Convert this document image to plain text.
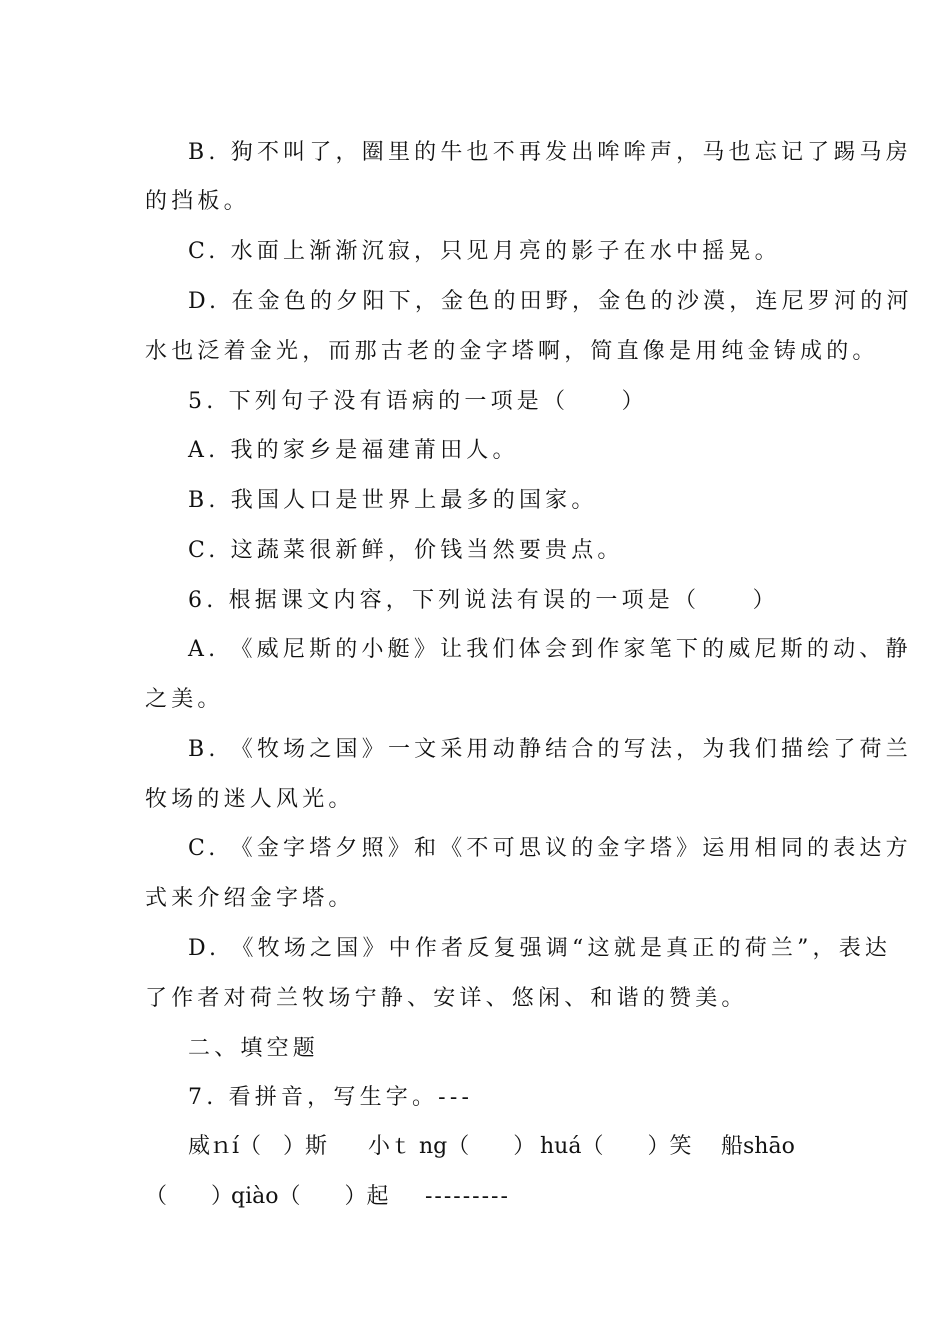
B. 狗不叫了，圈里的牛也不再发出哞哞声，马也忘记了踢马房
的挡板。
C. 水面上渐渐沉寂，只见月亮的影子在水中摇晃。
D. 在金色的夕阳下，金色的田野，金色的沙漠，连尼罗河的河
水也泛着金光，而那古老的金字塔啊，简直像是用纯金铸成的。
5. 下列句子没有语病的一项是（　　）
A. 我的家乡是福建莆田人。
B. 我国人口是世界上最多的国家。
C. 这蔬菜很新鲜，价钱当然要贵点。
6. 根据课文内容，下列说法有误的一项是（　　）
A. 《威尼斯的小艇》让我们体会到作家笔下的威尼斯的动、静
之美。
B. 《牧场之国》一文采用动静结合的写法，为我们描绘了荷兰
牧场的迷人风光。
C. 《金字塔夕照》和《不可思议的金字塔》运用相同的表达方
式来介绍金字塔。
D. 《牧场之国》中作者反复强调“这就是真正的荷兰”，表达
了作者对荷兰牧场宁静、安详、悠闲、和谐的赞美。
二、填空题
7. 看拼音，写生字。---
威ｎí（　）斯 小ｔ ng（　　） huá（　　）笑 船shāo
（　　）
qiào（　　）起 ---------
